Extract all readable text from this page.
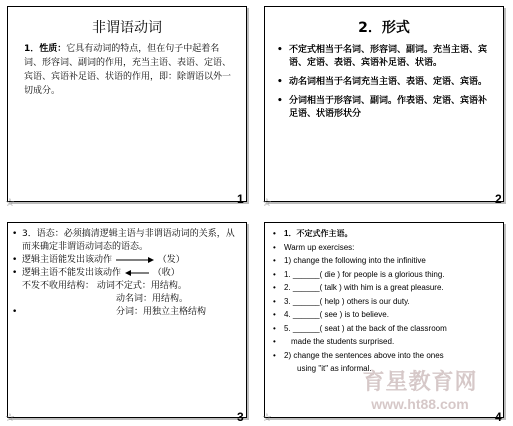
非谓语动词
1．性质：它具有动词的特点，但在句子中起着名词、形容词、副词的作用，充当主语、表语、定语、宾语、宾语补足语、状语的作用，即：除谓语以外一切成分。
☆	1
2．形式
• 不定式相当于名词、形容词、副词。充当主语、宾语、定语、表语、宾语补足语、状语。
• 动名词相当于名词充当主语、表语、定语、宾语。
• 分词相当于形容词、副词。作表语、定语、宾语补足语、状语形状分
☆	2
• 3．语态：必须搞清逻辑主语与非谓语动词的关系，从而来确定非谓语动词态的语态。
• 逻辑主语能发出该动作	（发）
• 逻辑主语不能发出该动作	（收）
不发不收用结构： 动词不定式：用结构。
动名词：用结构。
•	分词：用独立主格结构
☆	3
• 1．不定式作主语。
• Warm up exercises:
• 1) change the following into the infinitive
• 1. ______( die ) for people is a glorious thing.
• 2. ______( talk ) with him is a great pleasure.
• 3. ______( help ) others is our duty.
• 4. ______( see ) is to believe.
• 5. ______( seat ) at the back of the classroom
• made the students surprised.
• 2) change the sentences above into the ones
using "it" as informal.
☆	4
育星教育网
www.ht88.com
